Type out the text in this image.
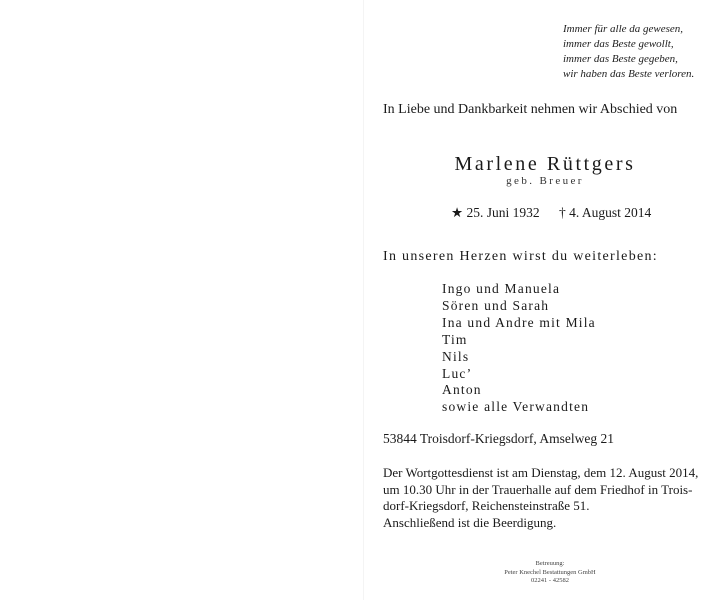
Immer für alle da gewesen,
immer das Beste gewollt,
immer das Beste gegeben,
wir haben das Beste verloren.
In Liebe und Dankbarkeit nehmen wir Abschied von
Marlene Rüttgers
geb. Breuer
★ 25. Juni 1932 † 4. August 2014
In unseren Herzen wirst du weiterleben:
Ingo und Manuela
Sören und Sarah
Ina und Andre mit Mila
Tim
Nils
Luc’
Anton
sowie alle Verwandten
53844 Troisdorf-Kriegsdorf, Amselweg 21
Der Wortgottesdienst ist am Dienstag, dem 12. August 2014,
um 10.30 Uhr in der Trauerhalle auf dem Friedhof in Trois-
dorf-Kriegsdorf, Reichensteinstraße 51.
Anschließend ist die Beerdigung.
Betreuung:
Peter Knechel Bestattungen GmbH
02241 - 42582
